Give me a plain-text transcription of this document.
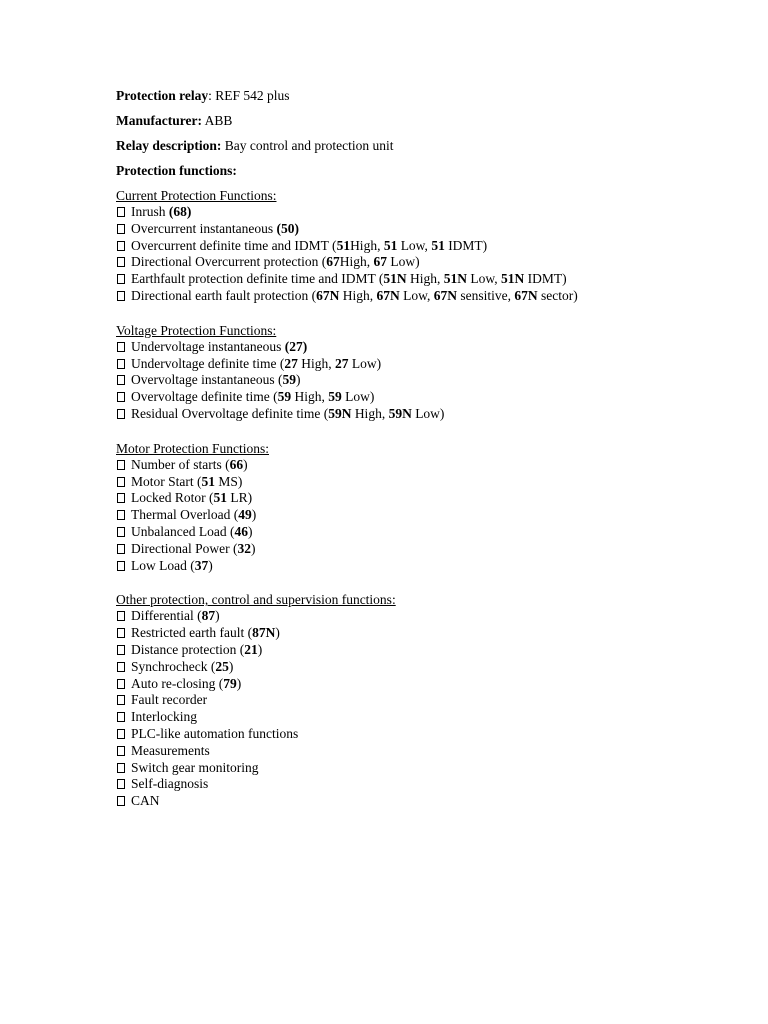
Protection relay: REF 542 plus

Manufacturer: ABB

Relay description: Bay control and protection unit

Protection functions:

Current Protection Functions:
Inrush (68)
Overcurrent instantaneous (50)
Overcurrent definite time and IDMT (51High, 51 Low, 51 IDMT)
Directional Overcurrent protection (67High, 67 Low)
Earthfault protection definite time and IDMT (51N High, 51N Low, 51N IDMT)
Directional earth fault protection (67N High, 67N Low, 67N sensitive, 67N sector)
Voltage Protection Functions:
Undervoltage instantaneous (27)
Undervoltage definite time (27 High, 27 Low)
Overvoltage instantaneous (59)
Overvoltage definite time (59 High, 59 Low)
Residual Overvoltage definite time (59N High, 59N Low)
Motor Protection Functions:
Number of starts (66)
Motor Start (51 MS)
Locked Rotor (51 LR)
Thermal Overload (49)
Unbalanced Load (46)
Directional Power (32)
Low Load (37)
Other protection, control and supervision functions:
Differential (87)
Restricted earth fault (87N)
Distance protection (21)
Synchrocheck (25)
Auto re-closing (79)
Fault recorder
Interlocking
PLC-like automation functions
Measurements
Switch gear monitoring
Self-diagnosis
CAN
